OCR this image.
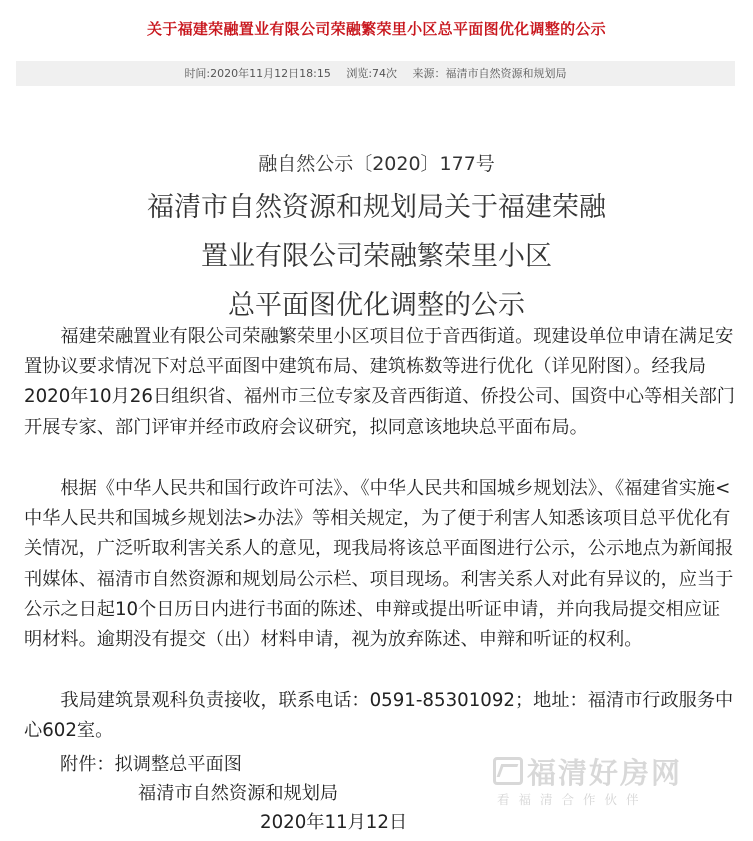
关于福建荣融置业有限公司荣融繁荣里小区总平面图优化调整的公示
时间:2020年11月12日18:15 浏览:74次 来源：福清市自然资源和规划局
融自然公示〔2020〕177号
福清市自然资源和规划局关于福建荣融
置业有限公司荣融繁荣里小区
总平面图优化调整的公示

福建荣融置业有限公司荣融繁荣里小区项目位于音西街道。现建设单位申请在满足安置协议要求情况下对总平面图中建筑布局、建筑栋数等进行优化（详见附图）。经我局2020年10月26日组织省、福州市三位专家及音西街道、侨投公司、国资中心等相关部门开展专家、部门评审并经市政府会议研究，拟同意该地块总平面布局。

根据《中华人民共和国行政许可法》、《中华人民共和国城乡规划法》、《福建省实施<中华人民共和国城乡规划法>办法》等相关规定，为了便于利害人知悉该项目总平优化有关情况，广泛听取利害关系人的意见，现我局将该总平面图进行公示，公示地点为新闻报刊媒体、福清市自然资源和规划局公示栏、项目现场。利害关系人对此有异议的，应当于公示之日起10个日历日内进行书面的陈述、申辩或提出听证申请，并向我局提交相应证明材料。逾期没有提交（出）材料申请，视为放弃陈述、申辩和听证的权利。

我局建筑景观科负责接收，联系电话：0591-85301092；地址：福清市行政服务中心602室。

附件：拟调整总平面图
福清市自然资源和规划局
2020年11月12日
福清好房网
看福清合作伙伴
